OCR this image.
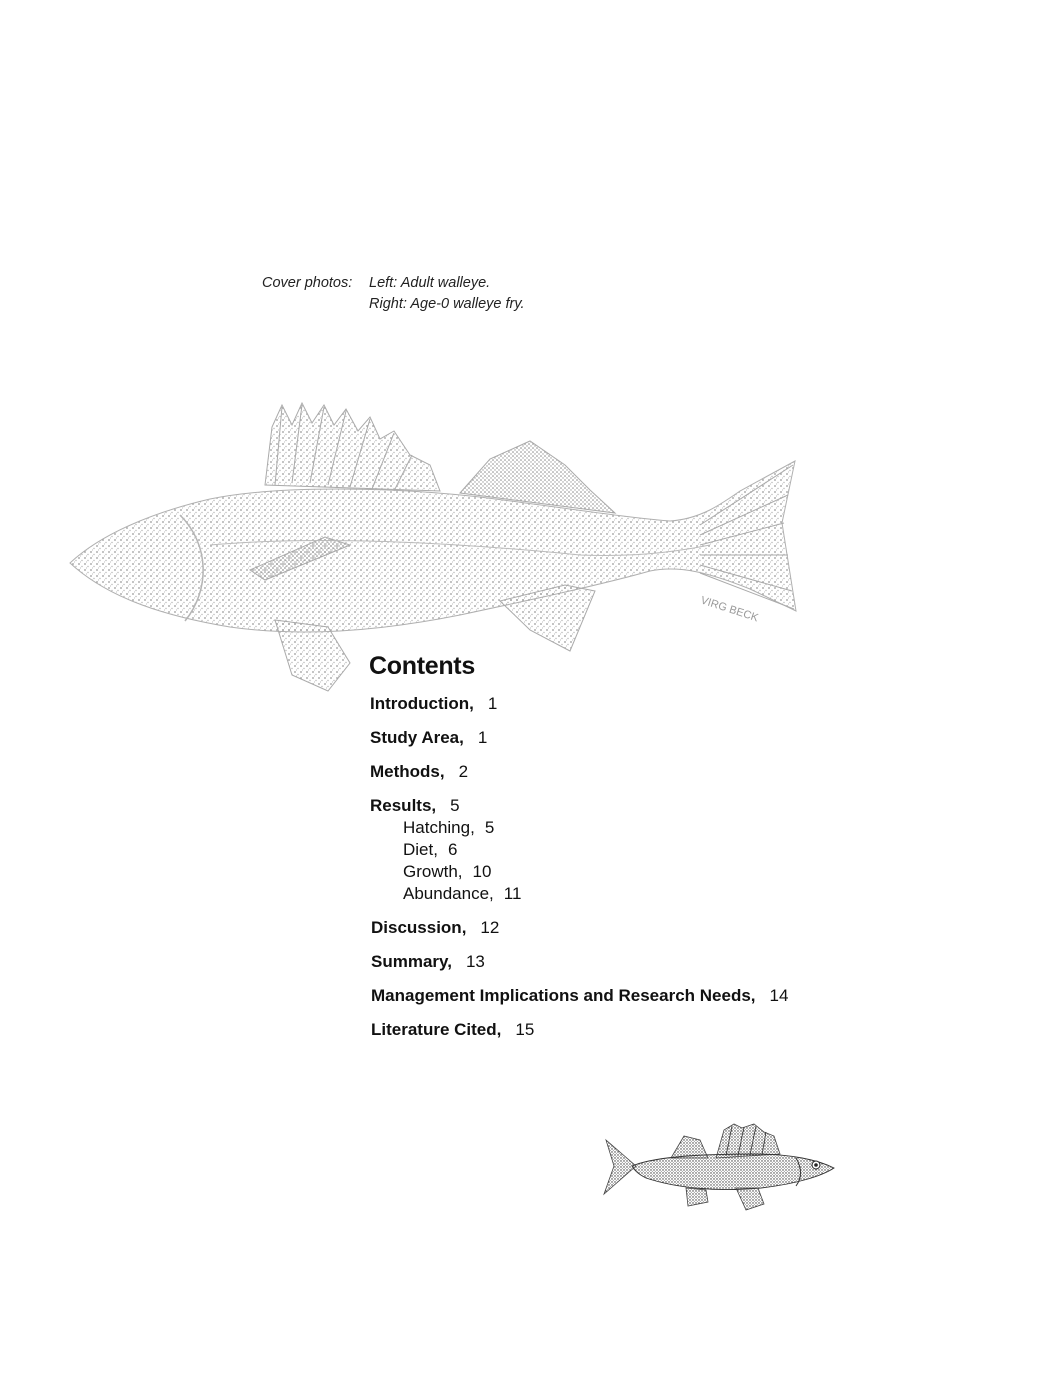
Cover photos: Left: Adult walleye.
Right: Age-0 walleye fry.
VIRG BECK
Contents
Introduction, 1
Study Area, 1
Methods, 2
Results, 5
Hatching, 5
Diet, 6
Growth, 10
Abundance, 11
Discussion, 12
Summary, 13
Management Implications and Research Needs, 14
Literature Cited, 15
